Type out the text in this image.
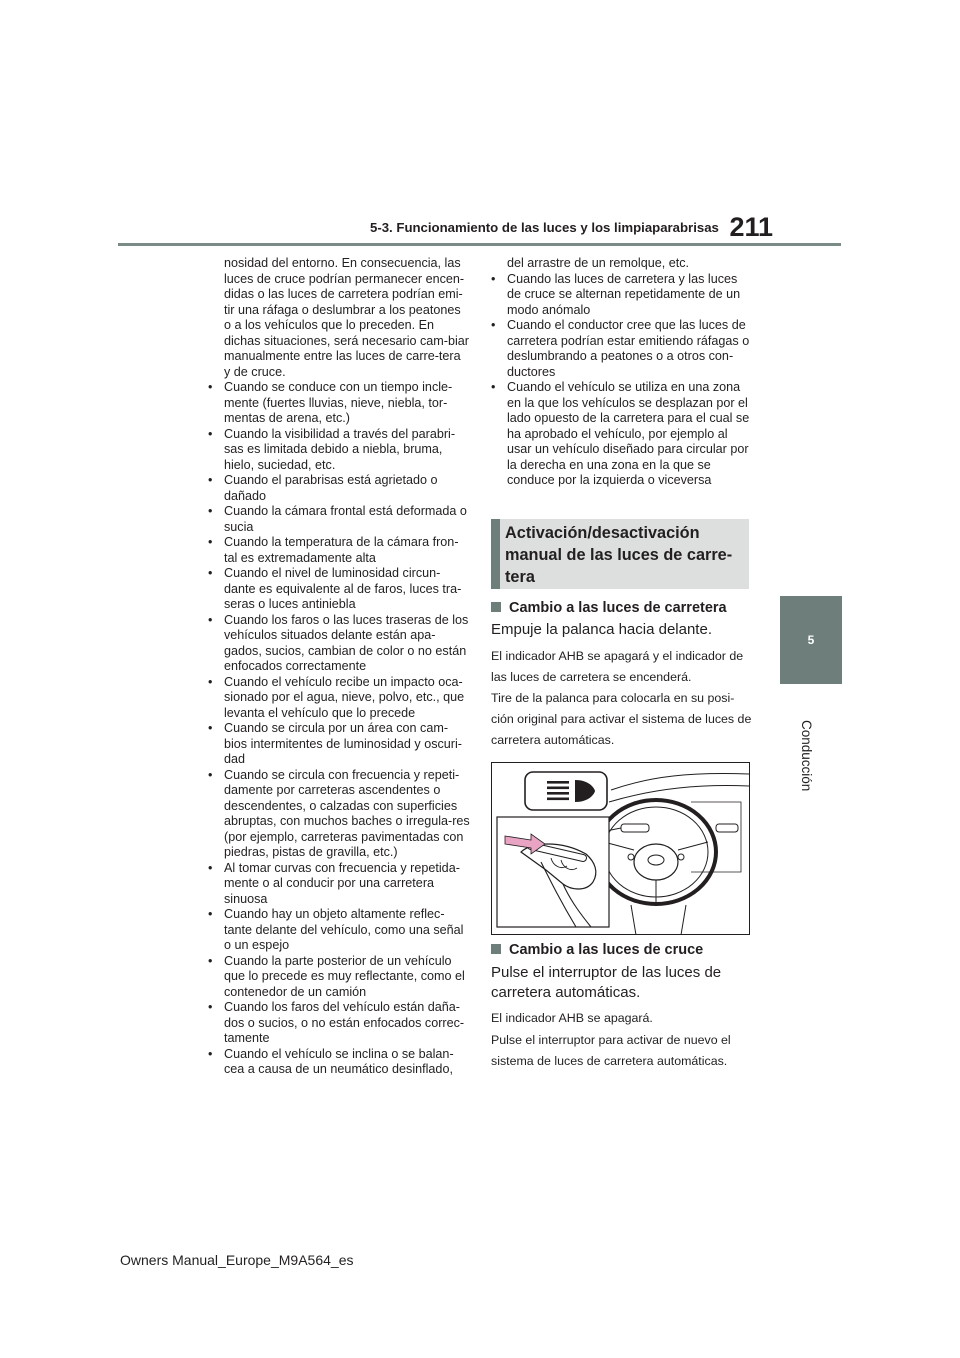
5-3. Funcionamiento de las luces y los limpiaparabrisas 211
5
Conducción

nosidad del entorno. En consecuencia, las luces de cruce podrían permanecer encen-didas o las luces de carretera podrían emi-tir una ráfaga o deslumbrar a los peatones o a los vehículos que lo preceden. En dichas situaciones, será necesario cam-biar manualmente entre las luces de carre-tera y de cruce.

• Cuando se conduce con un tiempo incle-mente (fuertes lluvias, nieve, niebla, tor-mentas de arena, etc.)
• Cuando la visibilidad a través del parabri-sas es limitada debido a niebla, bruma, hielo, suciedad, etc.
• Cuando el parabrisas está agrietado o dañado
• Cuando la cámara frontal está deformada o sucia
• Cuando la temperatura de la cámara fron-tal es extremadamente alta
• Cuando el nivel de luminosidad circun-dante es equivalente al de faros, luces tra-seras o luces antiniebla
• Cuando los faros o las luces traseras de los vehículos situados delante están apa-gados, sucios, cambian de color o no están enfocados correctamente
• Cuando el vehículo recibe un impacto oca-sionado por el agua, nieve, polvo, etc., que levanta el vehículo que lo precede
• Cuando se circula por un área con cam-bios intermitentes de luminosidad y oscuri-dad
• Cuando se circula con frecuencia y repeti-damente por carreteras ascendentes o descendentes, o calzadas con superficies abruptas, con muchos baches o irregula-res (por ejemplo, carreteras pavimentadas con piedras, pistas de gravilla, etc.)
• Al tomar curvas con frecuencia y repetida-mente o al conducir por una carretera sinuosa
• Cuando hay un objeto altamente reflec-tante delante del vehículo, como una señal o un espejo
• Cuando la parte posterior de un vehículo que lo precede es muy reflectante, como el contenedor de un camión
• Cuando los faros del vehículo están daña-dos o sucios, o no están enfocados correc-tamente
• Cuando el vehículo se inclina o se balan-cea a causa de un neumático desinflado,

del arrastre de un remolque, etc.

• Cuando las luces de carretera y las luces de cruce se alternan repetidamente de un modo anómalo
• Cuando el conductor cree que las luces de carretera podrían estar emitiendo ráfagas o deslumbrando a peatones o a otros con-ductores
• Cuando el vehículo se utiliza en una zona en la que los vehículos se desplazan por el lado opuesto de la carretera para el cual se ha aprobado el vehículo, por ejemplo al usar un vehículo diseñado para circular por la derecha en una zona en la que se conduce por la izquierda o viceversa
Activación/desactivación manual de las luces de carre-tera
Cambio a las luces de carretera
Empuje la palanca hacia delante.
El indicador AHB se apagará y el indicador de las luces de carretera se encenderá.
Tire de la palanca para colocarla en su posi-ción original para activar el sistema de luces de carretera automáticas.
Cambio a las luces de cruce
Pulse el interruptor de las luces de carretera automáticas.
El indicador AHB se apagará.
Pulse el interruptor para activar de nuevo el sistema de luces de carretera automáticas.
Owners Manual_Europe_M9A564_es
